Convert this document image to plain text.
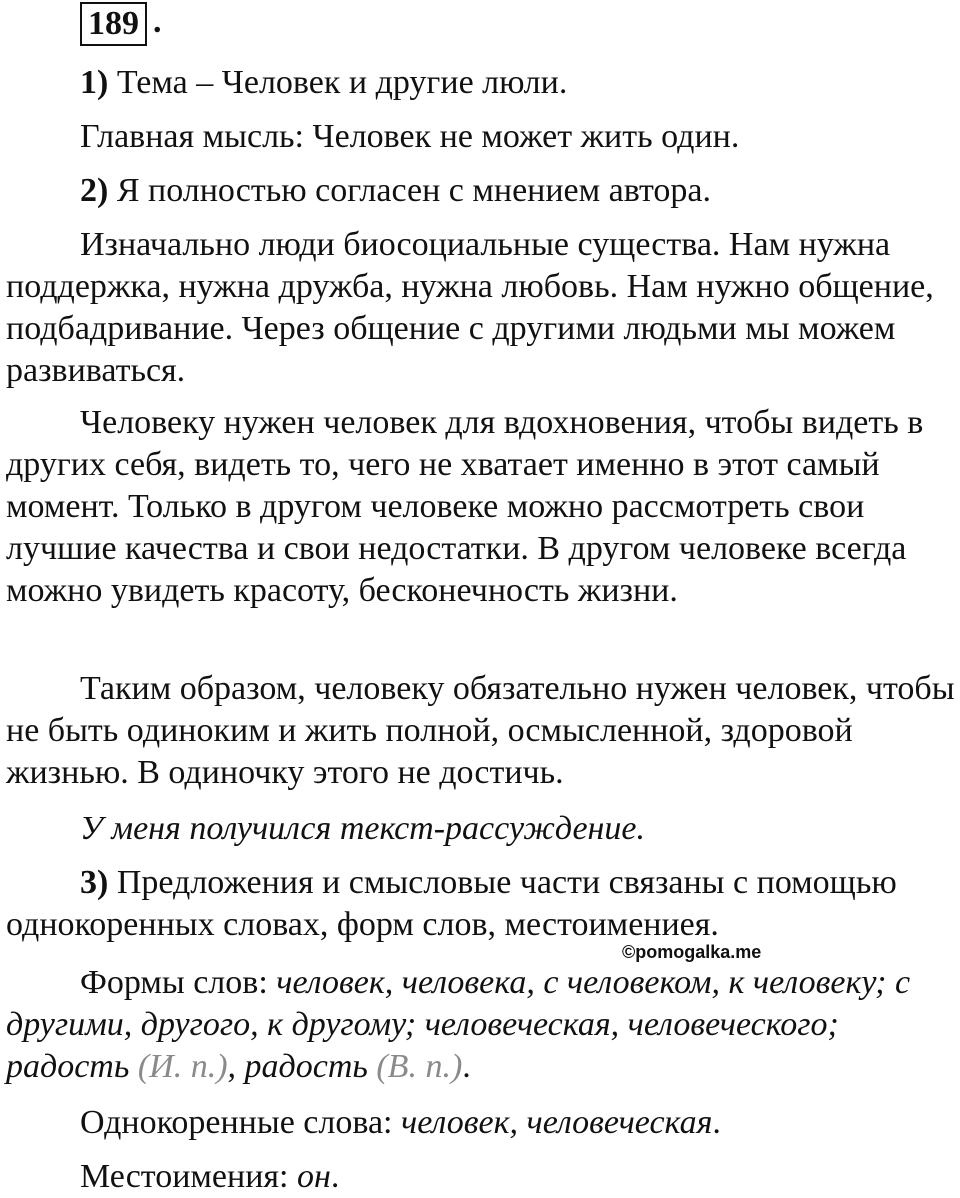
189 .

1) Тема – Человек и другие люли.

Главная мысль: Человек не может жить один.

2) Я полностью согласен с мнением автора.

Изначально люди биосоциальные существа. Нам нужна поддержка, нужна дружба, нужна любовь. Нам нужно общение, подбадривание. Через общение с другими людьми мы можем развиваться.

Человеку нужен человек для вдохновения, чтобы видеть в других себя, видеть то, чего не хватает именно в этот самый момент. Только в другом человеке можно рассмотреть свои лучшие качества и свои недостатки. В другом человеке всегда можно увидеть красоту, бесконечность жизни.

Таким образом, человеку обязательно нужен человек, чтобы не быть одиноким и жить полной, осмысленной, здоровой жизнью. В одиночку этого не достичь.

У меня получился текст-рассуждение.

3) Предложения и смысловые части связаны с помощью однокоренных словах, форм слов, местоимениея.

©pomogalka.me

Формы слов: человек, человека, с человеком, к человеку; с другими, другого, к другому; человеческая, человеческого; радость (И. п.), радость (В. п.).

Однокоренные слова: человек, человеческая.

Местоимения: он.
